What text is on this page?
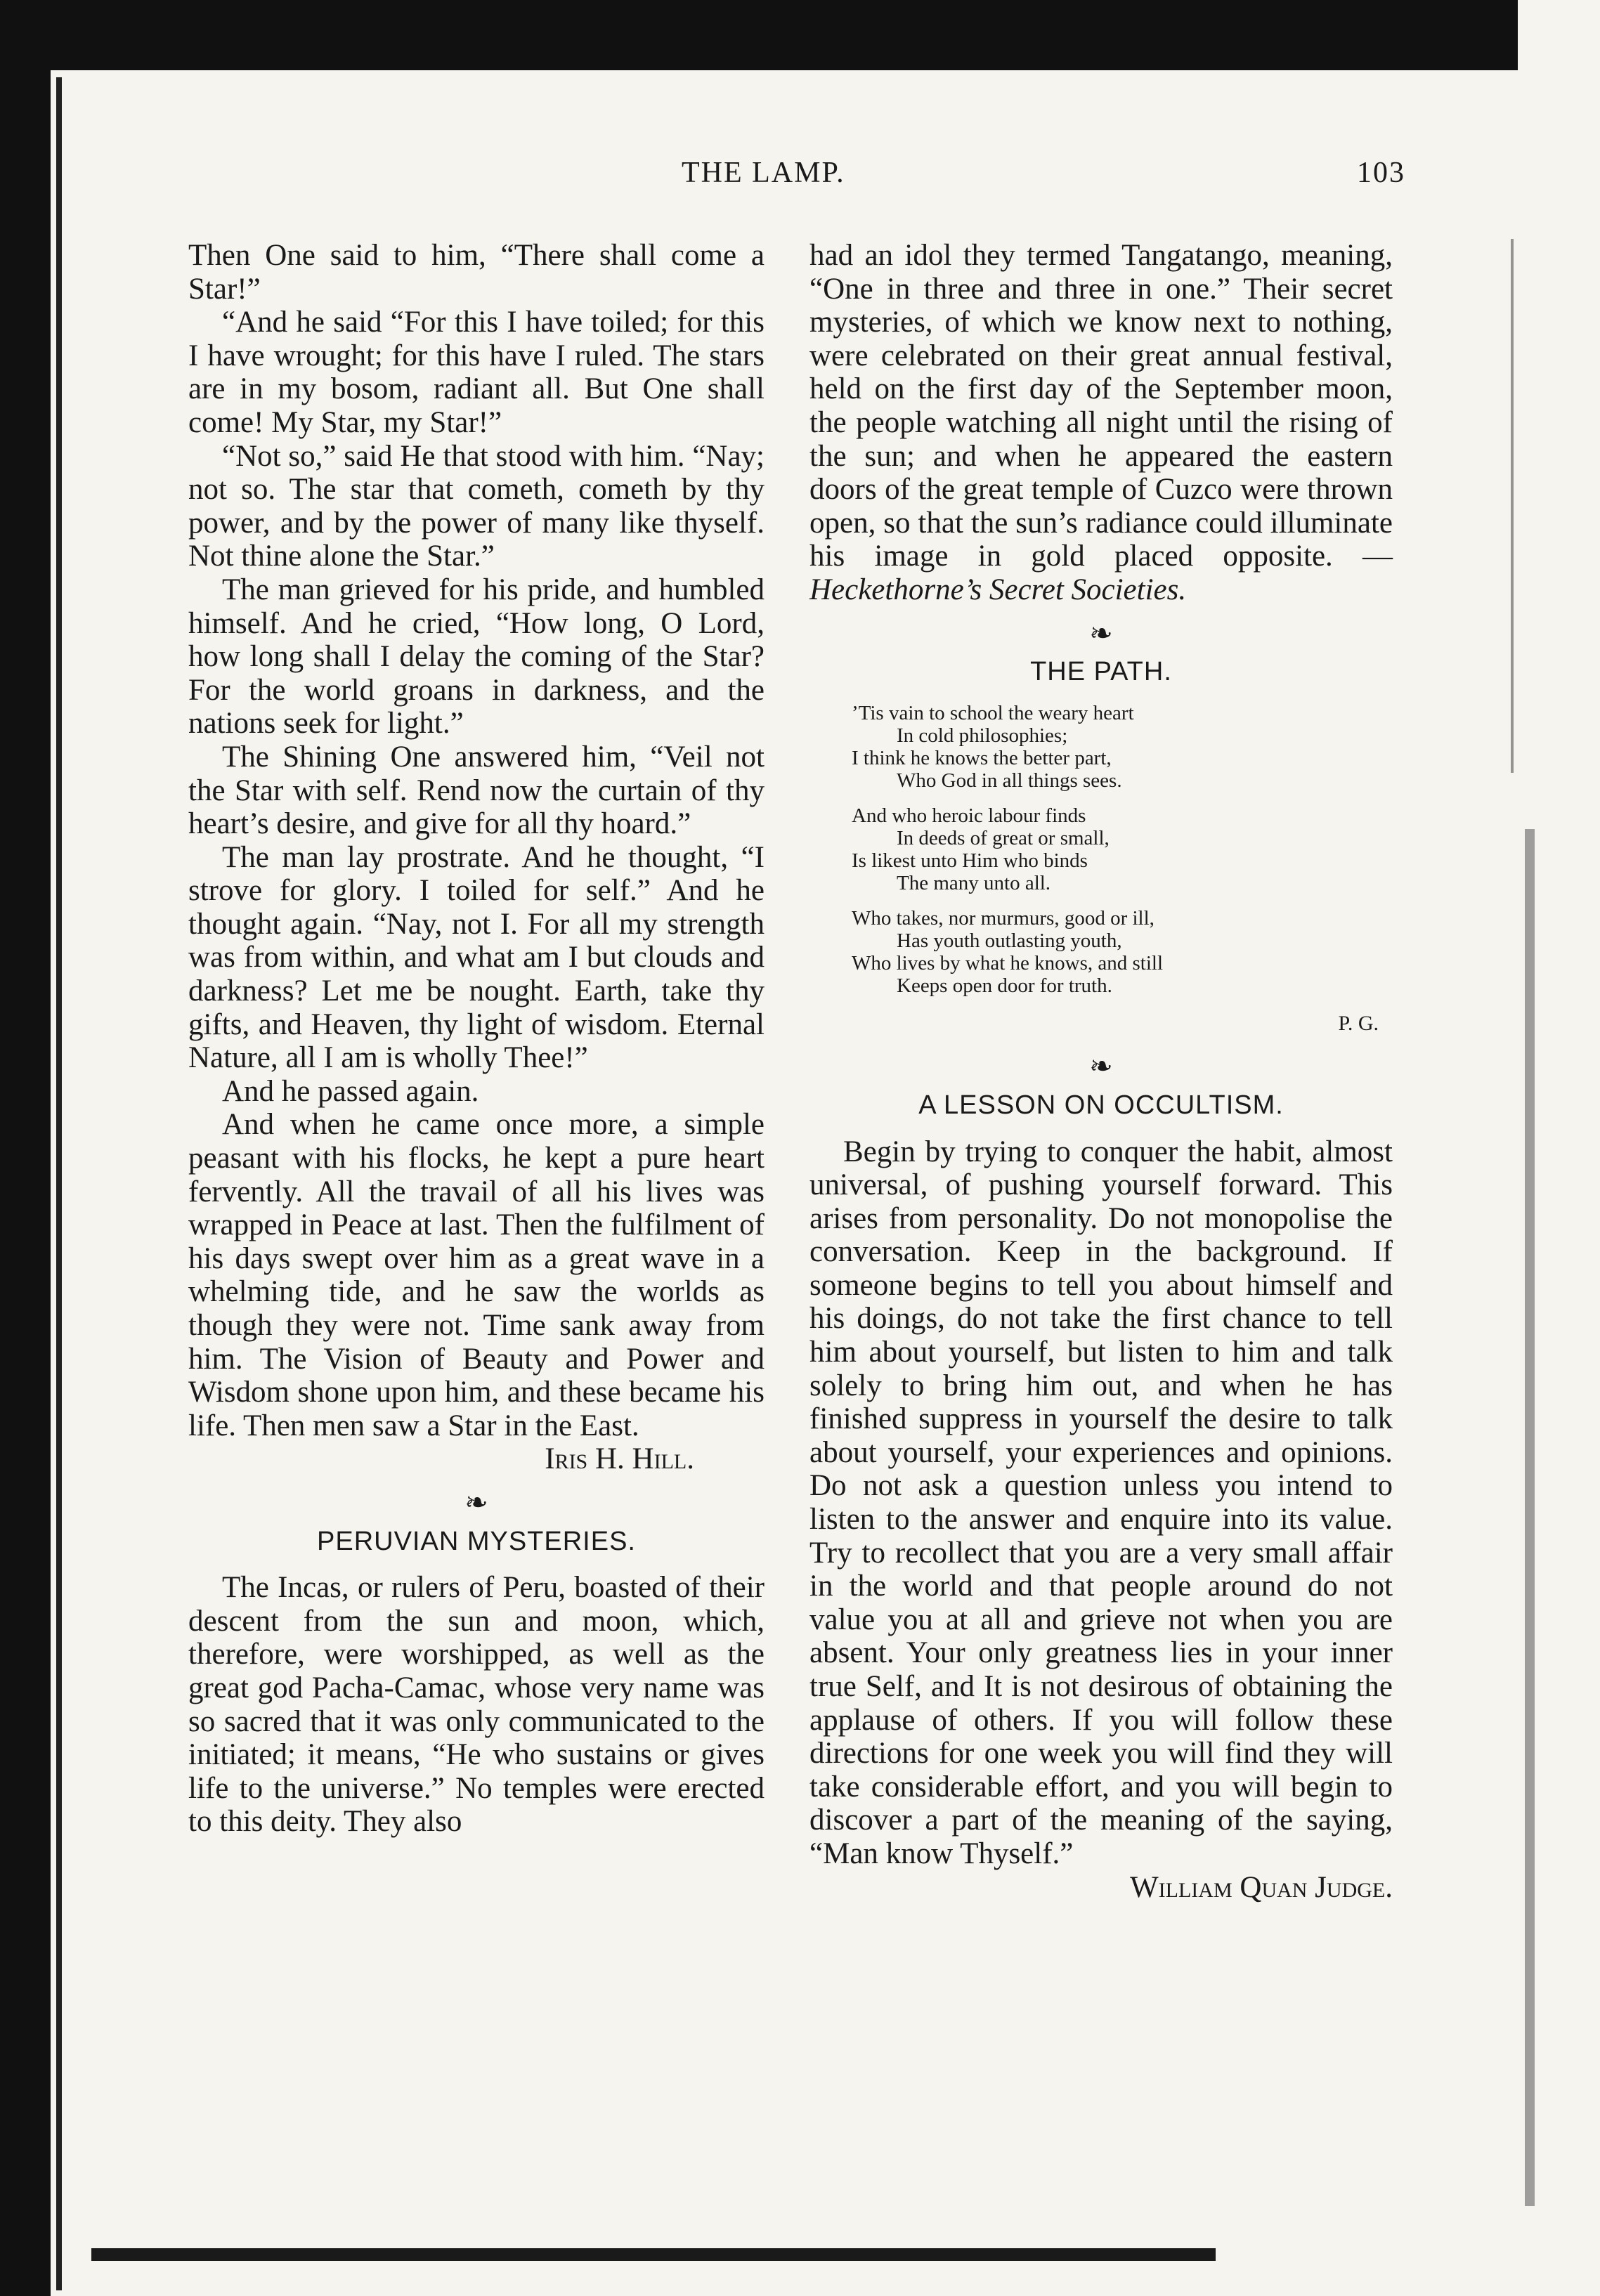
THE LAMP.	103

Then One said to him, “There shall come a Star!”

“And he said “For this I have toiled; for this I have wrought; for this have I ruled. The stars are in my bosom, radiant all. But One shall come! My Star, my Star!”

“Not so,” said He that stood with him. “Nay; not so. The star that cometh, cometh by thy power, and by the power of many like thyself. Not thine alone the Star.”

The man grieved for his pride, and humbled himself. And he cried, “How long, O Lord, how long shall I delay the coming of the Star? For the world groans in darkness, and the nations seek for light.”

The Shining One answered him, “Veil not the Star with self. Rend now the curtain of thy heart’s desire, and give for all thy hoard.”

The man lay prostrate. And he thought, “I strove for glory. I toiled for self.” And he thought again. “Nay, not I. For all my strength was from within, and what am I but clouds and darkness? Let me be nought. Earth, take thy gifts, and Heaven, thy light of wisdom. Eternal Nature, all I am is wholly Thee!”

And he passed again.

And when he came once more, a simple peasant with his flocks, he kept a pure heart fervently. All the travail of all his lives was wrapped in Peace at last. Then the fulfilment of his days swept over him as a great wave in a whelming tide, and he saw the worlds as though they were not. Time sank away from him. The Vision of Beauty and Power and Wisdom shone upon him, and these became his life. Then men saw a Star in the East.

Iris H. Hill.
❧
PERUVIAN MYSTERIES.

The Incas, or rulers of Peru, boasted of their descent from the sun and moon, which, therefore, were worshipped, as well as the great god Pacha-Camac, whose very name was so sacred that it was only communicated to the initiated; it means, “He who sustains or gives life to the universe.” No temples were erected to this deity. They also

had an idol they termed Tangatango, meaning, “One in three and three in one.” Their secret mysteries, of which we know next to nothing, were celebrated on their great annual festival, held on the first day of the September moon, the people watching all night until the rising of the sun; and when he appeared the eastern doors of the great temple of Cuzco were thrown open, so that the sun’s radiance could illuminate his image in gold placed opposite. — Heckethorne’s Secret Societies.

❧
THE PATH.
’Tis vain to school the weary heart
In cold philosophies;
I think he knows the better part,
Who God in all things sees.
And who heroic labour finds
In deeds of great or small,
Is likest unto Him who binds
The many unto all.
Who takes, nor murmurs, good or ill,
Has youth outlasting youth,
Who lives by what he knows, and still
Keeps open door for truth.
P. G.
❧
A LESSON ON OCCULTISM.

Begin by trying to conquer the habit, almost universal, of pushing yourself forward. This arises from personality. Do not monopolise the conversation. Keep in the background. If someone begins to tell you about himself and his doings, do not take the first chance to tell him about yourself, but listen to him and talk solely to bring him out, and when he has finished suppress in yourself the desire to talk about yourself, your experiences and opinions. Do not ask a question unless you intend to listen to the answer and enquire into its value. Try to recollect that you are a very small affair in the world and that people around do not value you at all and grieve not when you are absent. Your only greatness lies in your inner true Self, and It is not desirous of obtaining the applause of others. If you will follow these directions for one week you will find they will take considerable effort, and you will begin to discover a part of the meaning of the saying, “Man know Thyself.”

William Quan Judge.
